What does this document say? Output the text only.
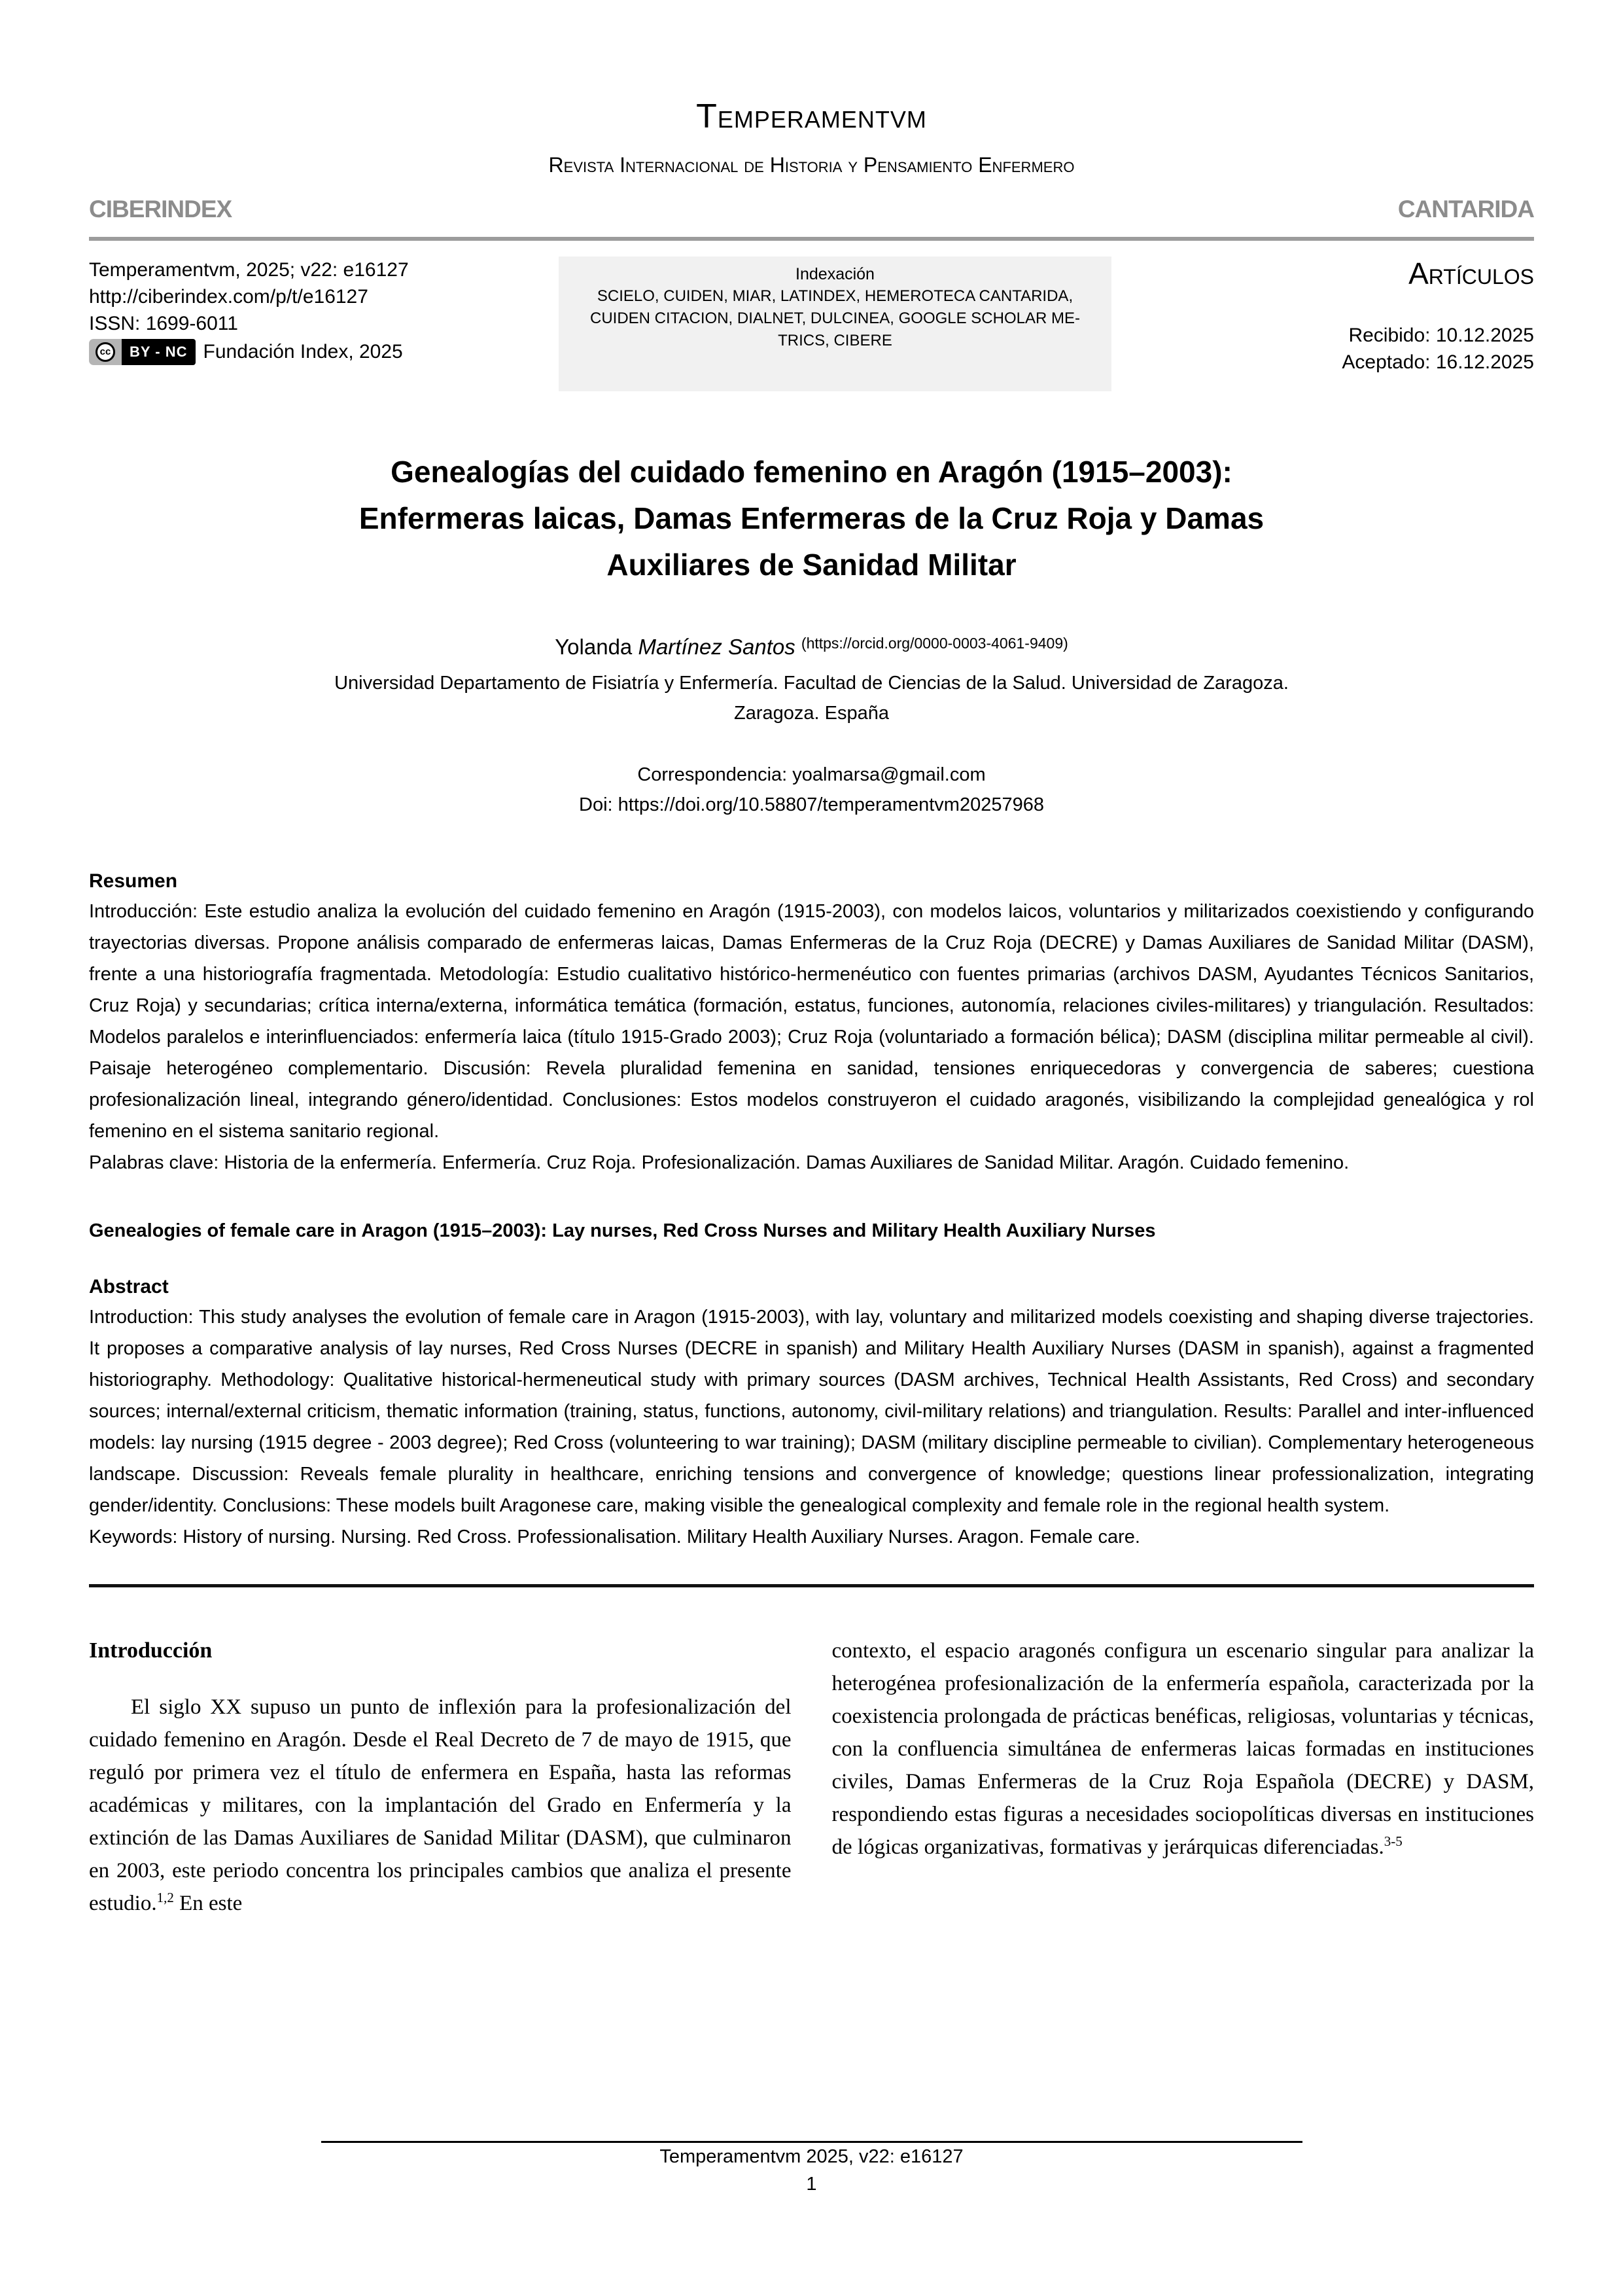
Temperamentvm
Revista Internacional de Historia y Pensamiento Enfermero
CIBERINDEX	CANTARIDA
Temperamentvm, 2025; v22: e16127
http://ciberindex.com/p/t/e16127
ISSN: 1699-6011
cc	BY - NC Fundación Index, 2025
Indexación
SCIELO, CUIDEN, MIAR, LATINDEX, HEMEROTECA CANTARIDA,
CUIDEN CITACION, DIALNET, DULCINEA, GOOGLE SCHOLAR ME-
TRICS, CIBERE
Artículos
Recibido: 10.12.2025
Aceptado: 16.12.2025
Genealogías del cuidado femenino en Aragón (1915–2003):
Enfermeras laicas, Damas Enfermeras de la Cruz Roja y Damas
Auxiliares de Sanidad Militar
Yolanda Martínez Santos $^{(https://orcid.org/0000-0003-4061-9409)}$
Universidad Departamento de Fisiatría y Enfermería. Facultad de Ciencias de la Salud. Universidad de Zaragoza.
Zaragoza. España
Correspondencia: yoalmarsa@gmail.com
Doi: https://doi.org/10.58807/temperamentvm20257968
Resumen
Introducción: Este estudio analiza la evolución del cuidado femenino en Aragón (1915-2003), con modelos laicos, voluntarios y militarizados coexistiendo y configurando trayectorias diversas. Propone análisis comparado de enfermeras laicas, Damas Enfermeras de la Cruz Roja (DECRE) y Damas Auxiliares de Sanidad Militar (DASM), frente a una historiografía fragmentada. Metodología: Estudio cualitativo histórico-hermenéutico con fuentes primarias (archivos DASM, Ayudantes Técnicos Sanitarios, Cruz Roja) y secundarias; crítica interna/externa, informática temática (formación, estatus, funciones, autonomía, relaciones civiles-militares) y triangulación. Resultados: Modelos paralelos e interinfluenciados: enfermería laica (título 1915-Grado 2003); Cruz Roja (voluntariado a formación bélica); DASM (disciplina militar permeable al civil). Paisaje heterogéneo complementario. Discusión: Revela pluralidad femenina en sanidad, tensiones enriquecedoras y convergencia de saberes; cuestiona profesionalización lineal, integrando género/identidad. Conclusiones: Estos modelos construyeron el cuidado aragonés, visibilizando la complejidad genealógica y rol femenino en el sistema sanitario regional.
Palabras clave: Historia de la enfermería. Enfermería. Cruz Roja. Profesionalización. Damas Auxiliares de Sanidad Militar. Aragón. Cuidado femenino.
Genealogies of female care in Aragon (1915–2003): Lay nurses, Red Cross Nurses and Military Health Auxiliary Nurses
Abstract
Introduction: This study analyses the evolution of female care in Aragon (1915-2003), with lay, voluntary and militarized models coexisting and shaping diverse trajectories. It proposes a comparative analysis of lay nurses, Red Cross Nurses (DECRE in spanish) and Military Health Auxiliary Nurses (DASM in spanish), against a fragmented historiography. Methodology: Qualitative historical-hermeneutical study with primary sources (DASM archives, Technical Health Assistants, Red Cross) and secondary sources; internal/external criticism, thematic information (training, status, functions, autonomy, civil-military relations) and triangulation. Results: Parallel and inter-influenced models: lay nursing (1915 degree - 2003 degree); Red Cross (volunteering to war training); DASM (military discipline permeable to civilian). Complementary heterogeneous landscape. Discussion: Reveals female plurality in healthcare, enriching tensions and convergence of knowledge; questions linear professionalization, integrating gender/identity. Conclusions: These models built Aragonese care, making visible the genealogical complexity and female role in the regional health system.
Keywords: History of nursing. Nursing. Red Cross. Professionalisation. Military Health Auxiliary Nurses. Aragon. Female care.
Introducción
El siglo XX supuso un punto de inflexión para la profesionalización del cuidado femenino en Aragón. Desde el Real Decreto de 7 de mayo de 1915, que reguló por primera vez el título de enfermera en España, hasta las reformas académicas y militares, con la implantación del Grado en Enfermería y la extinción de las Damas Auxiliares de Sanidad Militar (DASM), que culminaron en 2003, este periodo concentra los principales cambios que analiza el presente estudio.$^{1,2}$ En este
contexto, el espacio aragonés configura un escenario singular para analizar la heterogénea profesionalización de la enfermería española, caracterizada por la coexistencia prolongada de prácticas benéficas, religiosas, voluntarias y técnicas, con la confluencia simultánea de enfermeras laicas formadas en instituciones civiles, Damas Enfermeras de la Cruz Roja Española (DECRE) y DASM, respondiendo estas figuras a necesidades sociopolíticas diversas en instituciones de lógicas organizativas, formativas y jerárquicas diferenciadas.$^{3-5}$
Temperamentvm 2025, v22: e16127
1
